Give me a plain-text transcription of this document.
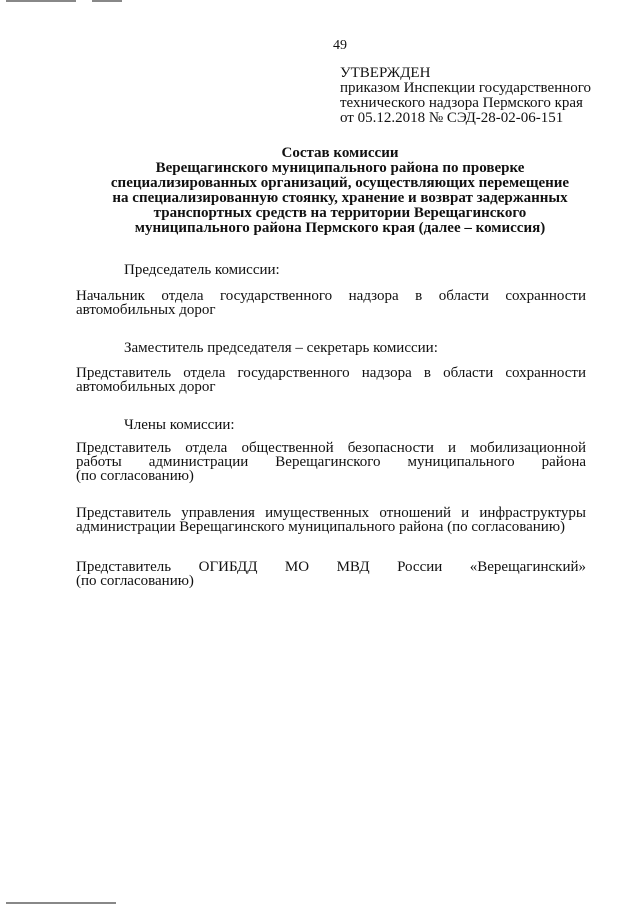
49
УТВЕРЖДЕН
приказом Инспекции государственного
технического надзора Пермского края
от 05.12.2018 № СЭД-28-02-06-151
Состав комиссии
Верещагинского муниципального района по проверке
специализированных организаций, осуществляющих перемещение
на специализированную стоянку, хранение и возврат задержанных
транспортных средств на территории Верещагинского
муниципального района Пермского края (далее – комиссия)
Председатель комиссии:
Начальник отдела государственного надзора в области сохранности
автомобильных дорог
Заместитель председателя – секретарь комиссии:
Представитель отдела государственного надзора в области сохранности
автомобильных дорог
Члены комиссии:
Представитель отдела общественной безопасности и мобилизационной
работы администрации Верещагинского муниципального района
(по согласованию)
Представитель управления имущественных отношений и инфраструктуры
администрации Верещагинского муниципального района (по согласованию)
Представитель ОГИБДД МО МВД России «Верещагинский»
(по согласованию)
